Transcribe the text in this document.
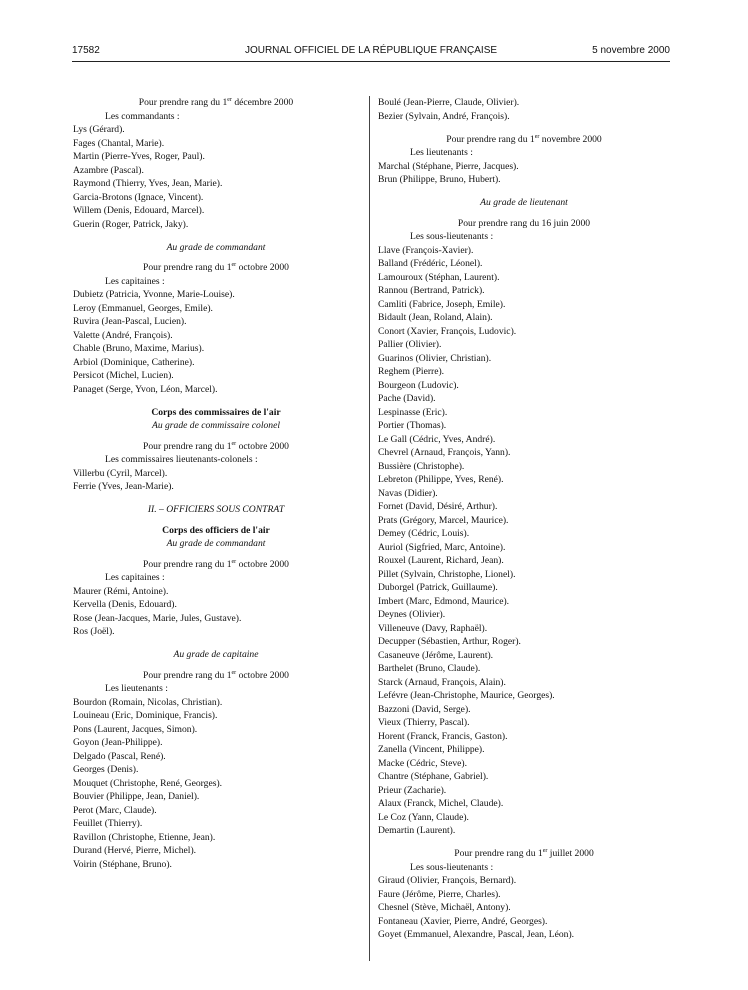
17582	JOURNAL OFFICIEL DE LA RÉPUBLIQUE FRANÇAISE	5 novembre 2000
Pour prendre rang du 1er décembre 2000
Les commandants :
Lys (Gérard).
Fages (Chantal, Marie).
Martin (Pierre-Yves, Roger, Paul).
Azambre (Pascal).
Raymond (Thierry, Yves, Jean, Marie).
Garcia-Brotons (Ignace, Vincent).
Willem (Denis, Edouard, Marcel).
Guerin (Roger, Patrick, Jaky).
Au grade de commandant
Pour prendre rang du 1er octobre 2000
Les capitaines :
Dubietz (Patricia, Yvonne, Marie-Louise).
Leroy (Emmanuel, Georges, Emile).
Ruvira (Jean-Pascal, Lucien).
Valette (André, François).
Chable (Bruno, Maxime, Marius).
Arbiol (Dominique, Catherine).
Persicot (Michel, Lucien).
Panaget (Serge, Yvon, Léon, Marcel).
Corps des commissaires de l'air
Au grade de commissaire colonel
Pour prendre rang du 1er octobre 2000
Les commissaires lieutenants-colonels :
Villerbu (Cyril, Marcel).
Ferrie (Yves, Jean-Marie).
II. – OFFICIERS SOUS CONTRAT
Corps des officiers de l'air
Au grade de commandant
Pour prendre rang du 1er octobre 2000
Les capitaines :
Maurer (Rémi, Antoine).
Kervella (Denis, Edouard).
Rose (Jean-Jacques, Marie, Jules, Gustave).
Ros (Joël).
Au grade de capitaine
Pour prendre rang du 1er octobre 2000
Les lieutenants :
Bourdon (Romain, Nicolas, Christian).
Louineau (Eric, Dominique, Francis).
Pons (Laurent, Jacques, Simon).
Goyon (Jean-Philippe).
Delgado (Pascal, René).
Georges (Denis).
Mouquet (Christophe, René, Georges).
Bouvier (Philippe, Jean, Daniel).
Perot (Marc, Claude).
Feuillet (Thierry).
Ravillon (Christophe, Etienne, Jean).
Durand (Hervé, Pierre, Michel).
Voirin (Stéphane, Bruno).
Boulé (Jean-Pierre, Claude, Olivier).
Bezier (Sylvain, André, François).
Pour prendre rang du 1er novembre 2000
Les lieutenants :
Marchal (Stéphane, Pierre, Jacques).
Brun (Philippe, Bruno, Hubert).
Au grade de lieutenant
Pour prendre rang du 16 juin 2000
Les sous-lieutenants :
Llave (François-Xavier).
Balland (Frédéric, Léonel).
Lamouroux (Stéphan, Laurent).
Rannou (Bertrand, Patrick).
Camliti (Fabrice, Joseph, Emile).
Bidault (Jean, Roland, Alain).
Conort (Xavier, François, Ludovic).
Pallier (Olivier).
Guarinos (Olivier, Christian).
Reghem (Pierre).
Bourgeon (Ludovic).
Pache (David).
Lespinasse (Eric).
Portier (Thomas).
Le Gall (Cédric, Yves, André).
Chevrel (Arnaud, François, Yann).
Bussière (Christophe).
Lebreton (Philippe, Yves, René).
Navas (Didier).
Fornet (David, Désiré, Arthur).
Prats (Grégory, Marcel, Maurice).
Demey (Cédric, Louis).
Auriol (Sigfried, Marc, Antoine).
Rouxel (Laurent, Richard, Jean).
Pillet (Sylvain, Christophe, Lionel).
Duborgel (Patrick, Guillaume).
Imbert (Marc, Edmond, Maurice).
Deynes (Olivier).
Villeneuve (Davy, Raphaël).
Decupper (Sébastien, Arthur, Roger).
Casaneuve (Jérôme, Laurent).
Barthelet (Bruno, Claude).
Starck (Arnaud, François, Alain).
Lefévre (Jean-Christophe, Maurice, Georges).
Bazzoni (David, Serge).
Vieux (Thierry, Pascal).
Horent (Franck, Francis, Gaston).
Zanella (Vincent, Philippe).
Macke (Cédric, Steve).
Chantre (Stéphane, Gabriel).
Prieur (Zacharie).
Alaux (Franck, Michel, Claude).
Le Coz (Yann, Claude).
Demartin (Laurent).
Pour prendre rang du 1er juillet 2000
Les sous-lieutenants :
Giraud (Olivier, François, Bernard).
Faure (Jérôme, Pierre, Charles).
Chesnel (Stève, Michaël, Antony).
Fontaneau (Xavier, Pierre, André, Georges).
Goyet (Emmanuel, Alexandre, Pascal, Jean, Léon).
